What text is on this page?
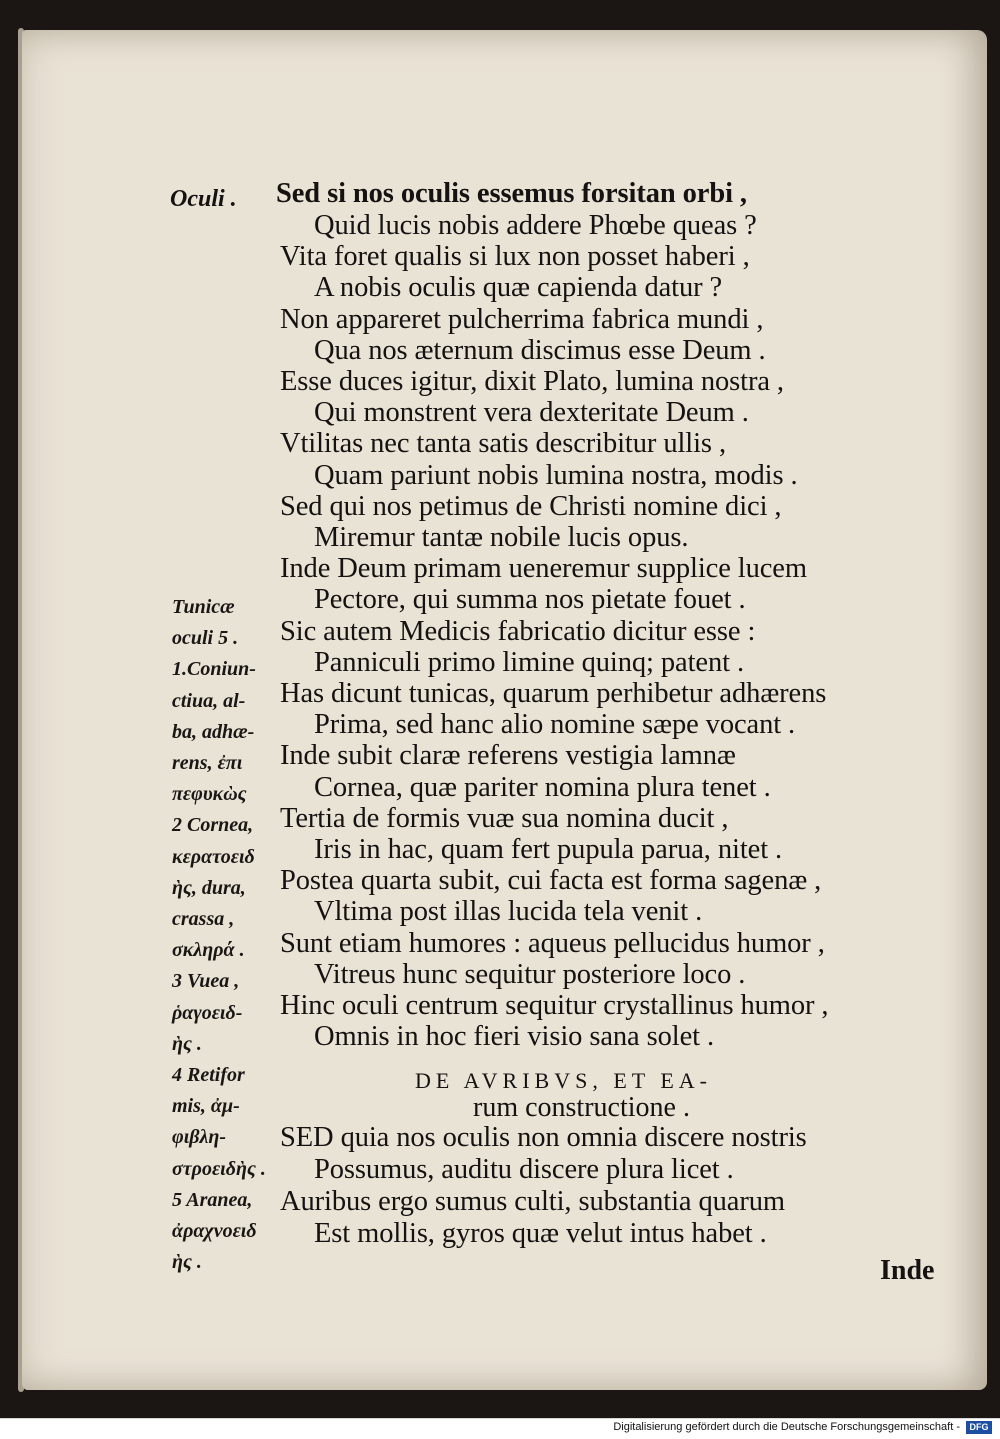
Oculi . Sed si nos oculis essemus forsitan orbi ,
Quid lucis nobis addere Phœbe queas ?
Vita foret qualis si lux non posset haberi ,
A nobis oculis quæ capienda datur ?
Non appareret pulcherrima fabrica mundi ,
Qua nos æternum discimus esse Deum .
Esse duces igitur, dixit Plato, lumina nostra ,
Qui monstrent vera dexteritate Deum .
Vtilitas nec tanta satis describitur ullis ,
Quam pariunt nobis lumina nostra, modis .
Sed qui nos petimus de Christi nomine dici ,
Miremur tantæ nobile lucis opus.
Inde Deum primam ueneremur supplice lucem
Pectore, qui summa nos pietate fouet .
Sic autem Medicis fabricatio dicitur esse :
Panniculi primo limine quinq; patent .
Has dicunt tunicas, quarum perhibetur adhærens
Prima, sed hanc alio nomine sæpe vocant .
Inde subit claræ referens vestigia lamnæ
Cornea, quæ pariter nomina plura tenet .
Tertia de formis vuæ sua nomina ducit ,
Iris in hac, quam fert pupula parua, nitet .
Postea quarta subit, cui facta est forma sagenæ ,
Vltima post illas lucida tela venit .
Sunt etiam humores : aqueus pellucidus humor ,
Vitreus hunc sequitur posteriore loco .
Hinc oculi centrum sequitur crystallinus humor ,
Omnis in hoc fieri visio sana solet .
DE AVRIBVS, ET EA-
rum constructione .
SED quia nos oculis non omnia discere nostris
Possumus, auditu discere plura licet .
Auribus ergo sumus culti, substantia quarum
Est mollis, gyros quæ velut intus habet .
Tunicæ
oculi 5 .
1.Coniun-
ctiua, al-
ba, adhæ-
rens, ἐπι
πεφυκὼς
2 Cornea,
κερατοειδ
ὴς, dura,
crassa ,
σκληρά .
3 Vuea ,
ῥαγοειδ-
ὴς .
4 Retifor
mis, ἀμ-
φιβλη-
στροειδὴς .
5 Aranea,
ἀραχνοειδ
ὴς .	Inde
Digitalisierung gefördert durch die Deutsche Forschungsgemeinschaft -	DFG
